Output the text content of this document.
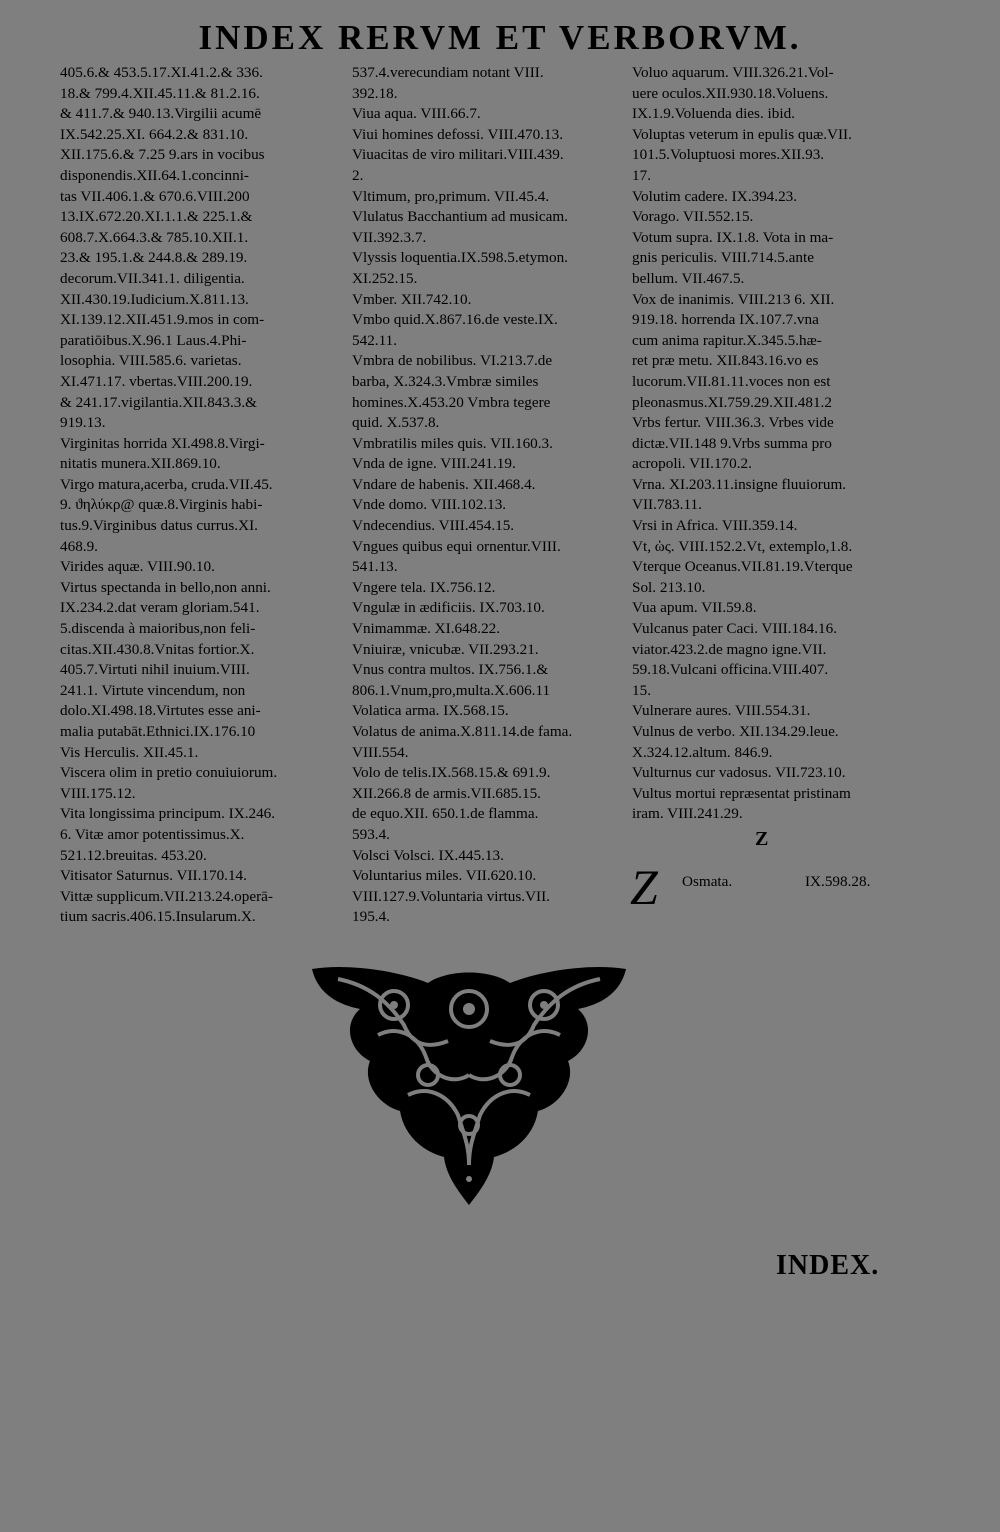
INDEX RERVM ET VERBORVM.
405.6.& 453.5.17.XI.41.2.& 336.
18.& 799.4.XII.45.11.& 81.2.16.
& 411.7.& 940.13.Virgilii acumē
IX.542.25.XI. 664.2.& 831.10.
XII.175.6.& 7.25 9.ars in vocibus
disponendis.XII.64.1.concinni-
tas VII.406.1.& 670.6.VIII.200
13.IX.672.20.XI.1.1.& 225.1.&
608.7.X.664.3.& 785.10.XII.1.
23.& 195.1.& 244.8.& 289.19.
decorum.VII.341.1. diligentia.
XII.430.19.Iudicium.X.811.13.
XI.139.12.XII.451.9.mos in com-
paratiōibus.X.96.1 Laus.4.Phi-
losophia. VIII.585.6. varietas.
XI.471.17. vbertas.VIII.200.19.
& 241.17.vigilantia.XII.843.3.&
919.13.
Virginitas horrida XI.498.8.Virgi-
nitatis munera.XII.869.10.
Virgo matura,acerba, cruda.VII.45.
9. ϑηλύκρ@ quæ.8.Virginis habi-
tus.9.Virginibus datus currus.XI.
468.9.
Virides aquæ. VIII.90.10.
Virtus spectanda in bello,non anni.
IX.234.2.dat veram gloriam.541.
5.discenda à maioribus,non feli-
citas.XII.430.8.Vnitas fortior.X.
405.7.Virtuti nihil inuium.VIII.
241.1. Virtute vincendum, non
dolo.XI.498.18.Virtutes esse ani-
malia putabāt.Ethnici.IX.176.10
Vis Herculis. XII.45.1.
Viscera olim in pretio conuiuiorum.
VIII.175.12.
Vita longissima principum. IX.246.
6. Vitæ amor potentissimus.X.
521.12.breuitas. 453.20.
Vitisator Saturnus. VII.170.14.
Vittæ supplicum.VII.213.24.operā-
tium sacris.406.15.Insularum.X.
537.4.verecundiam notant VIII.
392.18.
Viua aqua. VIII.66.7.
Viui homines defossi. VIII.470.13.
Viuacitas de viro militari.VIII.439.
2.
Vltimum, pro,primum. VII.45.4.
Vlulatus Bacchantium ad musicam.
VII.392.3.7.
Vlyssis loquentia.IX.598.5.etymon.
XI.252.15.
Vmber. XII.742.10.
Vmbo quid.X.867.16.de veste.IX.
542.11.
Vmbra de nobilibus. VI.213.7.de
barba, X.324.3.Vmbræ similes
homines.X.453.20 Vmbra tegere
quid. X.537.8.
Vmbratilis miles quis. VII.160.3.
Vnda de igne. VIII.241.19.
Vndare de habenis. XII.468.4.
Vnde domo. VIII.102.13.
Vndecendius. VIII.454.15.
Vngues quibus equi ornentur.VIII.
541.13.
Vngere tela. IX.756.12.
Vngulæ in ædificiis. IX.703.10.
Vnimammæ. XI.648.22.
Vniuiræ, vnicubæ. VII.293.21.
Vnus contra multos. IX.756.1.&
806.1.Vnum,pro,multa.X.606.11
Volatica arma. IX.568.15.
Volatus de anima.X.811.14.de fama.
VIII.554.
Volo de telis.IX.568.15.& 691.9.
XII.266.8 de armis.VII.685.15.
de equo.XII. 650.1.de flamma.
593.4.
Volsci Volsci. IX.445.13.
Voluntarius miles. VII.620.10.
VIII.127.9.Voluntaria virtus.VII.
195.4.
Voluo aquarum. VIII.326.21.Vol-
uere oculos.XII.930.18.Voluens.
IX.1.9.Voluenda dies. ibid.
Voluptas veterum in epulis quæ.VII.
101.5.Voluptuosi mores.XII.93.
17.
Volutim cadere. IX.394.23.
Vorago. VII.552.15.
Votum supra. IX.1.8. Vota in ma-
gnis periculis. VIII.714.5.ante
bellum. VII.467.5.
Vox de inanimis. VIII.213 6. XII.
919.18. horrenda IX.107.7.vna
cum anima rapitur.X.345.5.hæ-
ret præ metu. XII.843.16.vo es
lucorum.VII.81.11.voces non est
pleonasmus.XI.759.29.XII.481.2
Vrbs fertur. VIII.36.3. Vrbes vide
dictæ.VII.148 9.Vrbs summa pro
acropoli. VII.170.2.
Vrna. XI.203.11.insigne fluuiorum.
VII.783.11.
Vrsi in Africa. VIII.359.14.
Vt, ὡς. VIII.152.2.Vt, extemplo,1.8.
Vterque Oceanus.VII.81.19.Vterque
Sol. 213.10.
Vua apum. VII.59.8.
Vulcanus pater Caci. VIII.184.16.
viator.423.2.de magno igne.VII.
59.18.Vulcani officina.VIII.407.
15.
Vulnerare aures. VIII.554.31.
Vulnus de verbo. XII.134.29.leue.
X.324.12.altum. 846.9.
Vulturnus cur vadosus. VII.723.10.
Vultus mortui repræsentat pristinam
iram. VIII.241.29.
Z
Z Osmata.	IX.598.28.
INDEX.
